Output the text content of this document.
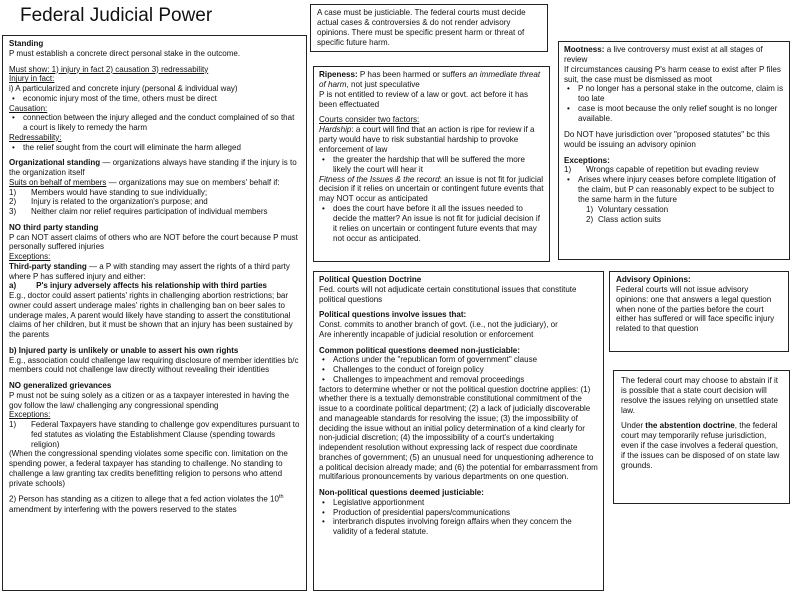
Federal Judicial Power	A case must be justiciable. The federal courts must decide actual cases & controversies & do not render advisory opinions. There must be specific present harm or threat of specific future harm.

Standing

P must establish a concrete direct personal stake in the outcome.

Must show: 1) injury in fact 2) causation 3) redressability

Injury in fact:

i) A particularized and concrete injury (personal & individual way)

• economic injury most of the time, others must be direct

Causation:

• connection between the injury alleged and the conduct complained of so that a court is likely to remedy the harm

Redressability:

• the relief sought from the court will eliminate the harm alleged

Organizational standing — organizations always have standing if the injury is to the organization itself

Suits on behalf of members — organizations may sue on members' behalf if:

1) Members would have standing to sue individually;
2) Injury is related to the organization's purpose; and
3) Neither claim nor relief requires participation of individual members

NO third party standing

P can NOT assert claims of others who are NOT before the court because P must personally suffered injuries

Exceptions:

Third-party standing — a P with standing may assert the rights of a third party where P has suffered injury and either:

a)	P's injury adversely affects his relationship with third parties

E.g., doctor could assert patients' rights in challenging abortion restrictions; bar owner could assert underage males' rights in challenging ban on beer sales to underage males, A parent would likely have standing to assert the constitutional claims of her children, but it must be shown that an injury has been sustained by the parents

b) Injured party is unlikely or unable to assert his own rights

E.g., association could challenge law requiring disclosure of member identities b/c members could not challenge law directly without revealing their identities

NO generalized grievances

P must not be suing solely as a citizen or as a taxpayer interested in having the gov follow the law/ challenging any congressional spending

Exceptions:

1) Federal Taxpayers have standing to challenge gov expenditures pursuant to fed statutes as violating the Establishment Clause (spending towards religion)

(When the congressional spending violates some specific con. limitation on the spending power, a federal taxpayer has standing to challenge. No standing to challenge a law granting tax credits benefitting religion to persons who attend private schools)

2) Person has standing as a citizen to allege that a fed action violates the 10th amendment by interfering with the powers reserved to the states

Ripeness: P has been harmed or suffers an immediate threat of harm, not just speculative

P is not entitled to review of a law or govt. act before it has been effectuated

Courts consider two factors:

Hardship: a court will find that an action is ripe for review if a party would have to risk substantial hardship to provoke enforcement of law

• the greater the hardship that will be suffered the more likely the court will hear it

Fitness of the Issues & the record: an issue is not fit for judicial decision if it relies on uncertain or contingent future events that may NOT occur as anticipated

• does the court have before it all the issues needed to decide the matter? An issue is not fit for judicial decision if it relies on uncertain or contingent future events that may not occur as anticipated.

Mootness: a live controversy must exist at all stages of review

If circumstances causing P's harm cease to exist after P files suit, the case must be dismissed as moot

• P no longer has a personal stake in the outcome, claim is too late
• case is moot because the only relief sought is no longer available.

Do NOT have jurisdiction over "proposed statutes" bc this would be issuing an advisory opinion

Exceptions:

1) Wrongs capable of repetition but evading review
• Arises where injury ceases before complete litigation of the claim, but P can reasonably expect to be subject to the same harm in the future
1) Voluntary cessation
2) Class action suits

Political Question Doctrine

Fed. courts will not adjudicate certain constitutional issues that constitute political questions

Political questions involve issues that:

Const. commits to another branch of govt. (i.e., not the judiciary), or

Are inherently incapable of judicial resolution or enforcement

Common political questions deemed non-justiciable:

• Actions under the "republican form of government" clause
• Challenges to the conduct of foreign policy
• Challenges to impeachment and removal proceedings

factors to determine whether or not the political question doctrine applies: (1) whether there is a textually demonstrable constitutional commitment of the issue to a coordinate political department; (2) a lack of judicially discoverable and manageable standards for resolving the issue; (3) the impossibility of deciding the issue without an initial policy determination of a kind clearly for non-judicial discretion; (4) the impossibility of a court's undertaking independent resolution without expressing lack of respect due coordinate branches of government; (5) an unusual need for unquestioning adherence to a political decision already made; and (6) the potential for embarrassment from multifarious pronouncements by various departments on one question.

Non-political questions deemed justiciable:

• Legislative apportionment
• Production of presidential papers/communications
• interbranch disputes involving foreign affairs when they concern the validity of a federal statute.

Advisory Opinions:

Federal courts will not issue advisory opinions: one that answers a legal question when none of the parties before the court either has suffered or will face specific injury related to that question

The federal court may choose to abstain if it is possible that a state court decision will resolve the issues relying on unsettled state law.

Under the abstention doctrine, the federal court may temporarily refuse jurisdiction, even if the case involves a federal question, if the issues can be disposed of on state law grounds.
